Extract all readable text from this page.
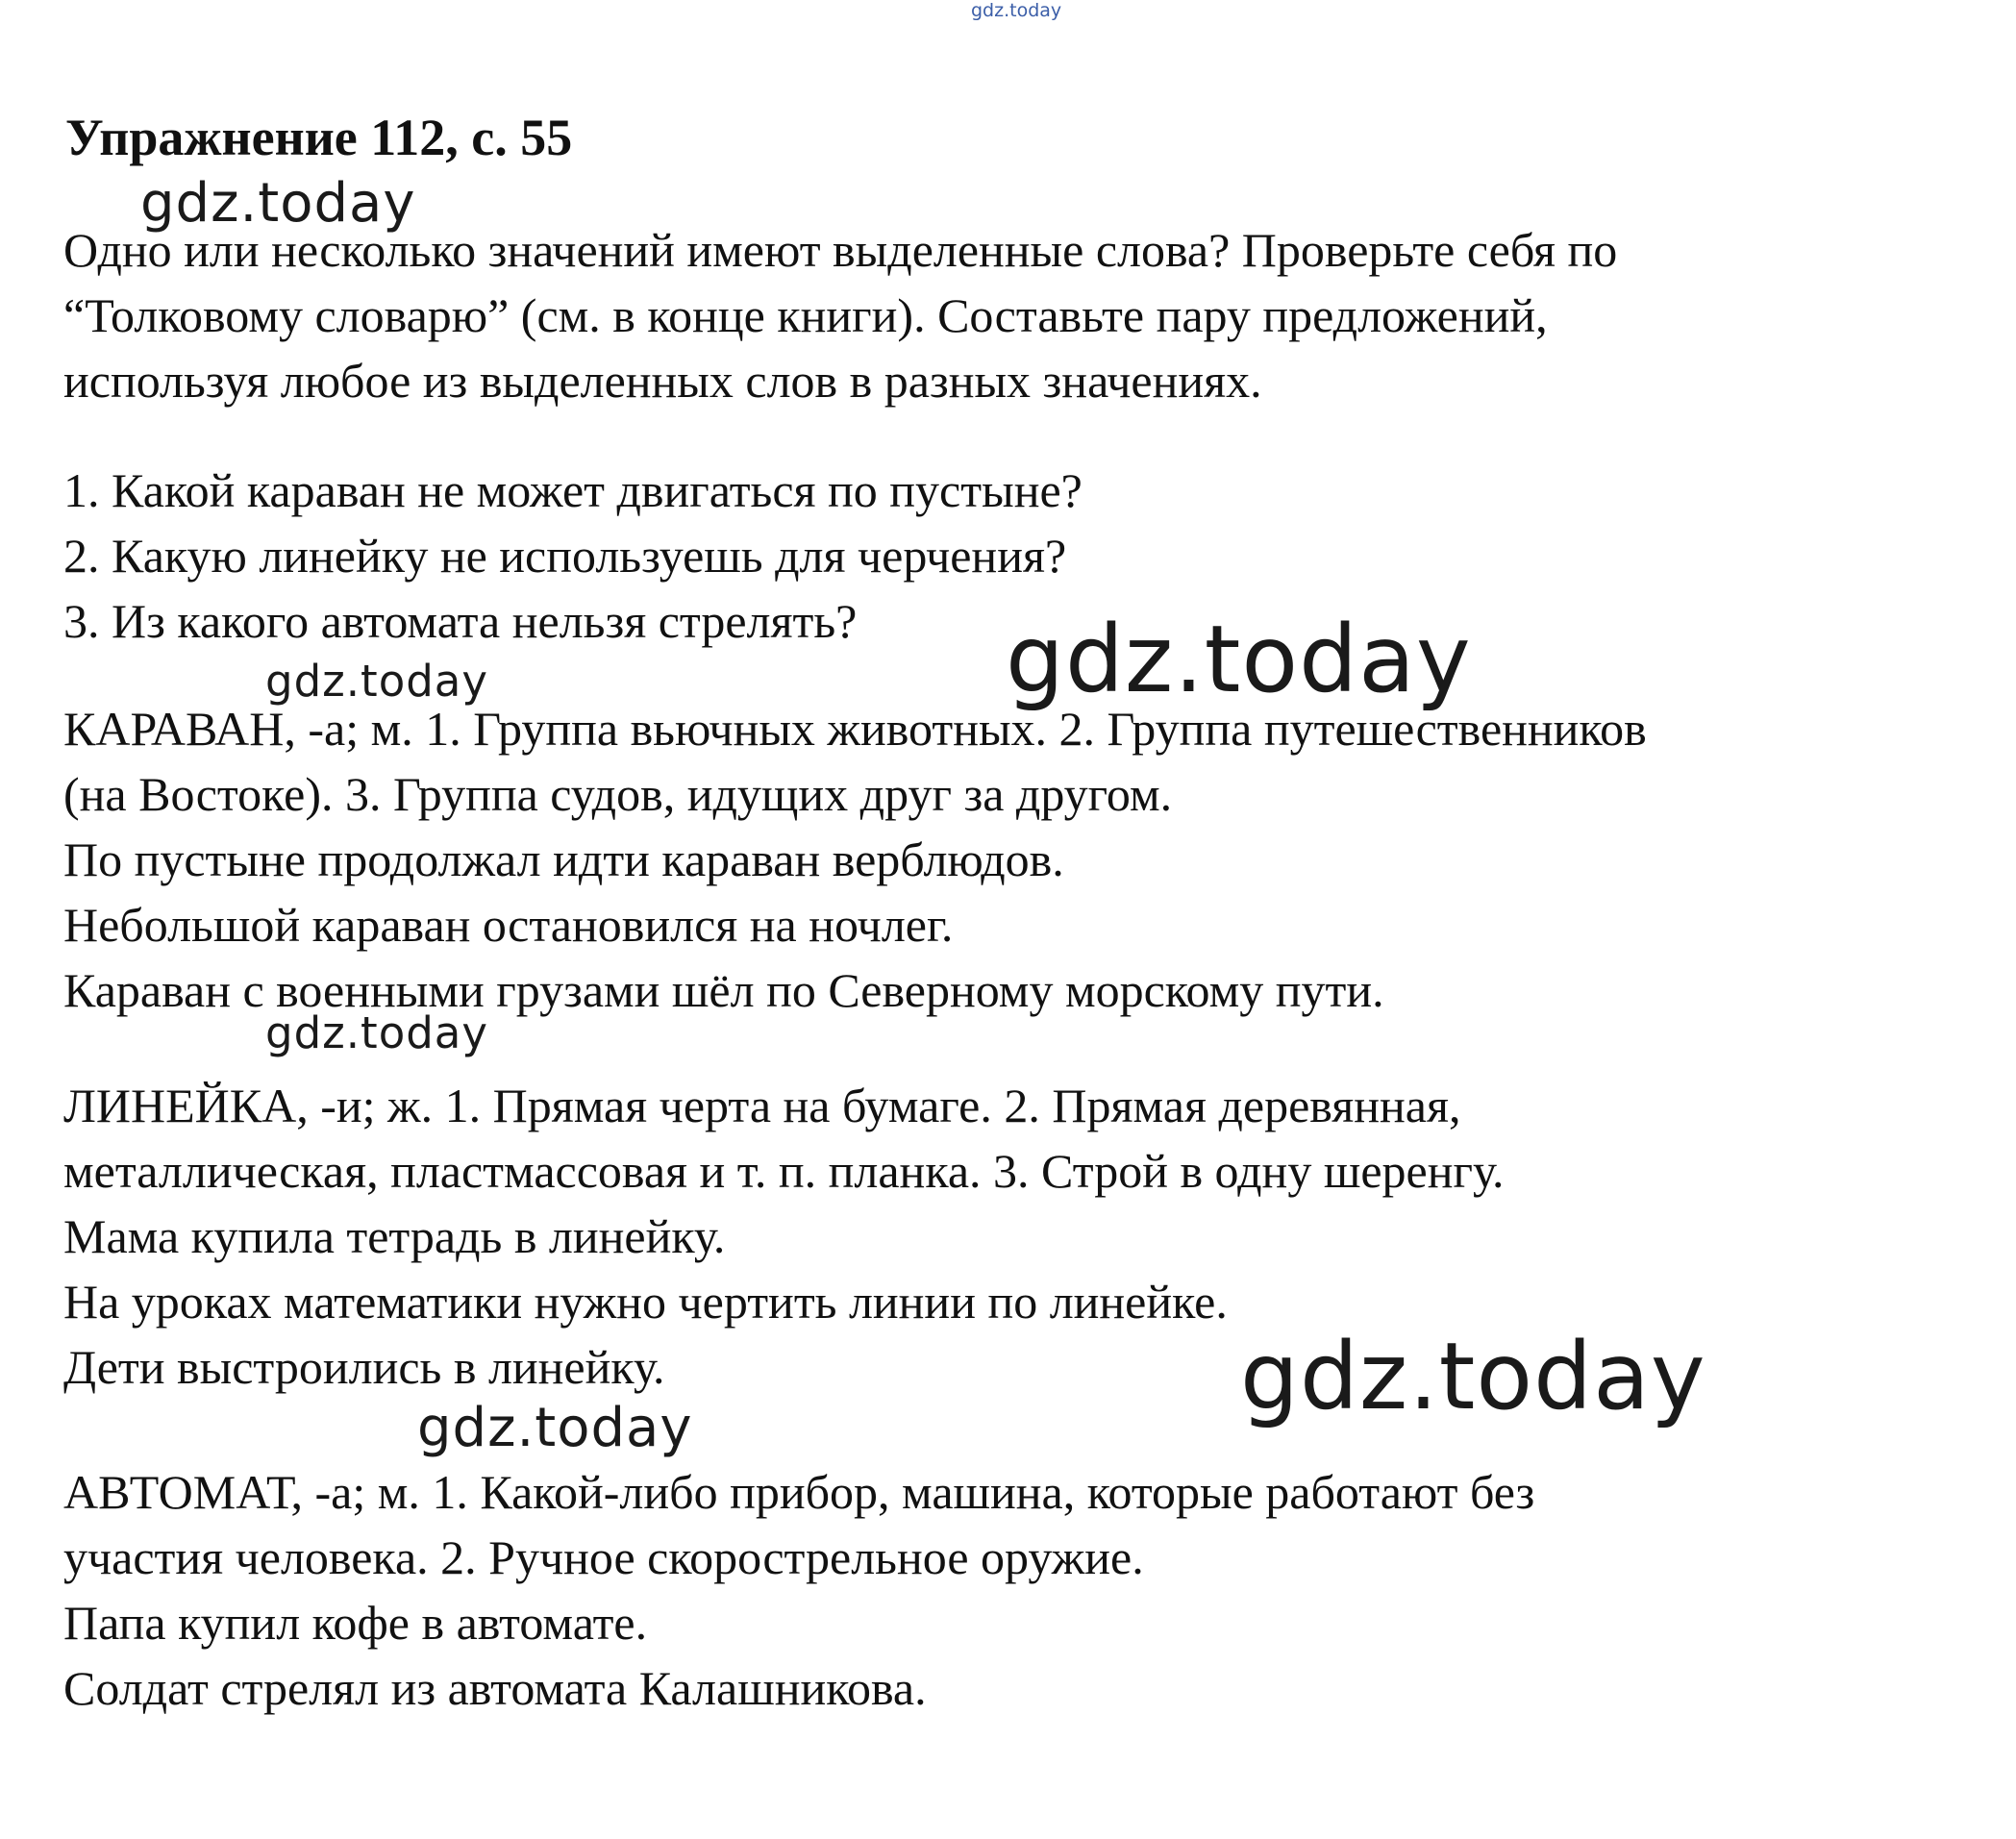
gdz.today
Упражнение 112, с. 55
gdz.today
Одно или несколько значений имеют выделенные слова? Проверьте себя по
“Толковому словарю” (см. в конце книги). Составьте пару предложений,
используя любое из выделенных слов в разных значениях.
1. Какой караван не может двигаться по пустыне?
2. Какую линейку не используешь для черчения?
3. Из какого автомата нельзя стрелять? gdz.today
gdz.today
КАРАВАН, -а; м. 1. Группа вьючных животных. 2. Группа путешественников
(на Востоке). 3. Группа судов, идущих друг за другом.
По пустыне продолжал идти караван верблюдов.
Небольшой караван остановился на ночлег.
Караван с военными грузами шёл по Северному морскому пути.
gdz.today
ЛИНЕЙКА, -и; ж. 1. Прямая черта на бумаге. 2. Прямая деревянная,
металлическая, пластмассовая и т. п. планка. 3. Строй в одну шеренгу.
Мама купила тетрадь в линейку.
На уроках математики нужно чертить линии по линейке.
Дети выстроились в линейку.	gdz.today
gdz.today
АВТОМАТ, -а; м. 1. Какой-либо прибор, машина, которые работают без
участия человека. 2. Ручное скорострельное оружие.
Папа купил кофе в автомате.
Солдат стрелял из автомата Калашникова.
